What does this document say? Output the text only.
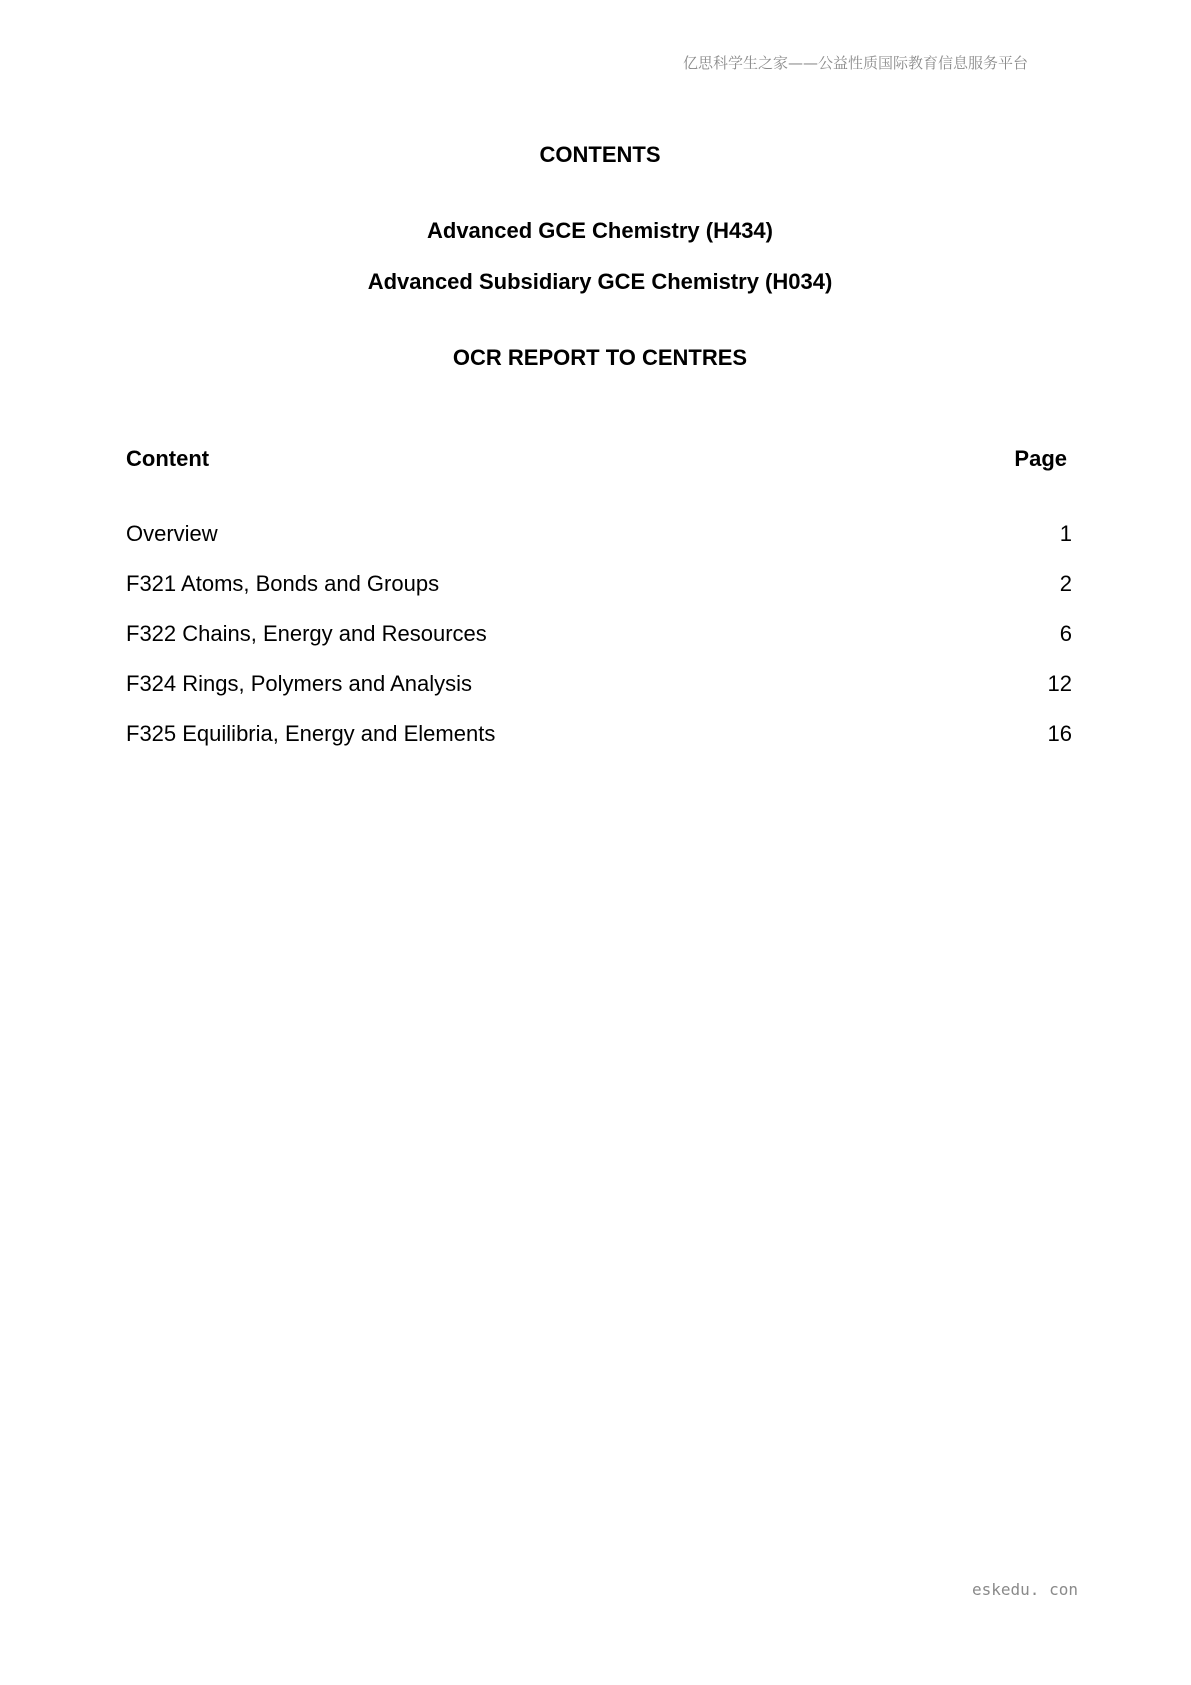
亿思科学生之家——公益性质国际教育信息服务平台
CONTENTS
Advanced GCE Chemistry (H434)
Advanced Subsidiary GCE Chemistry (H034)
OCR REPORT TO CENTRES
Content	Page
Overview	1
F321 Atoms, Bonds and Groups	2
F322 Chains, Energy and Resources	6
F324 Rings, Polymers and Analysis	12
F325 Equilibria, Energy and Elements	16
eskedu. con
